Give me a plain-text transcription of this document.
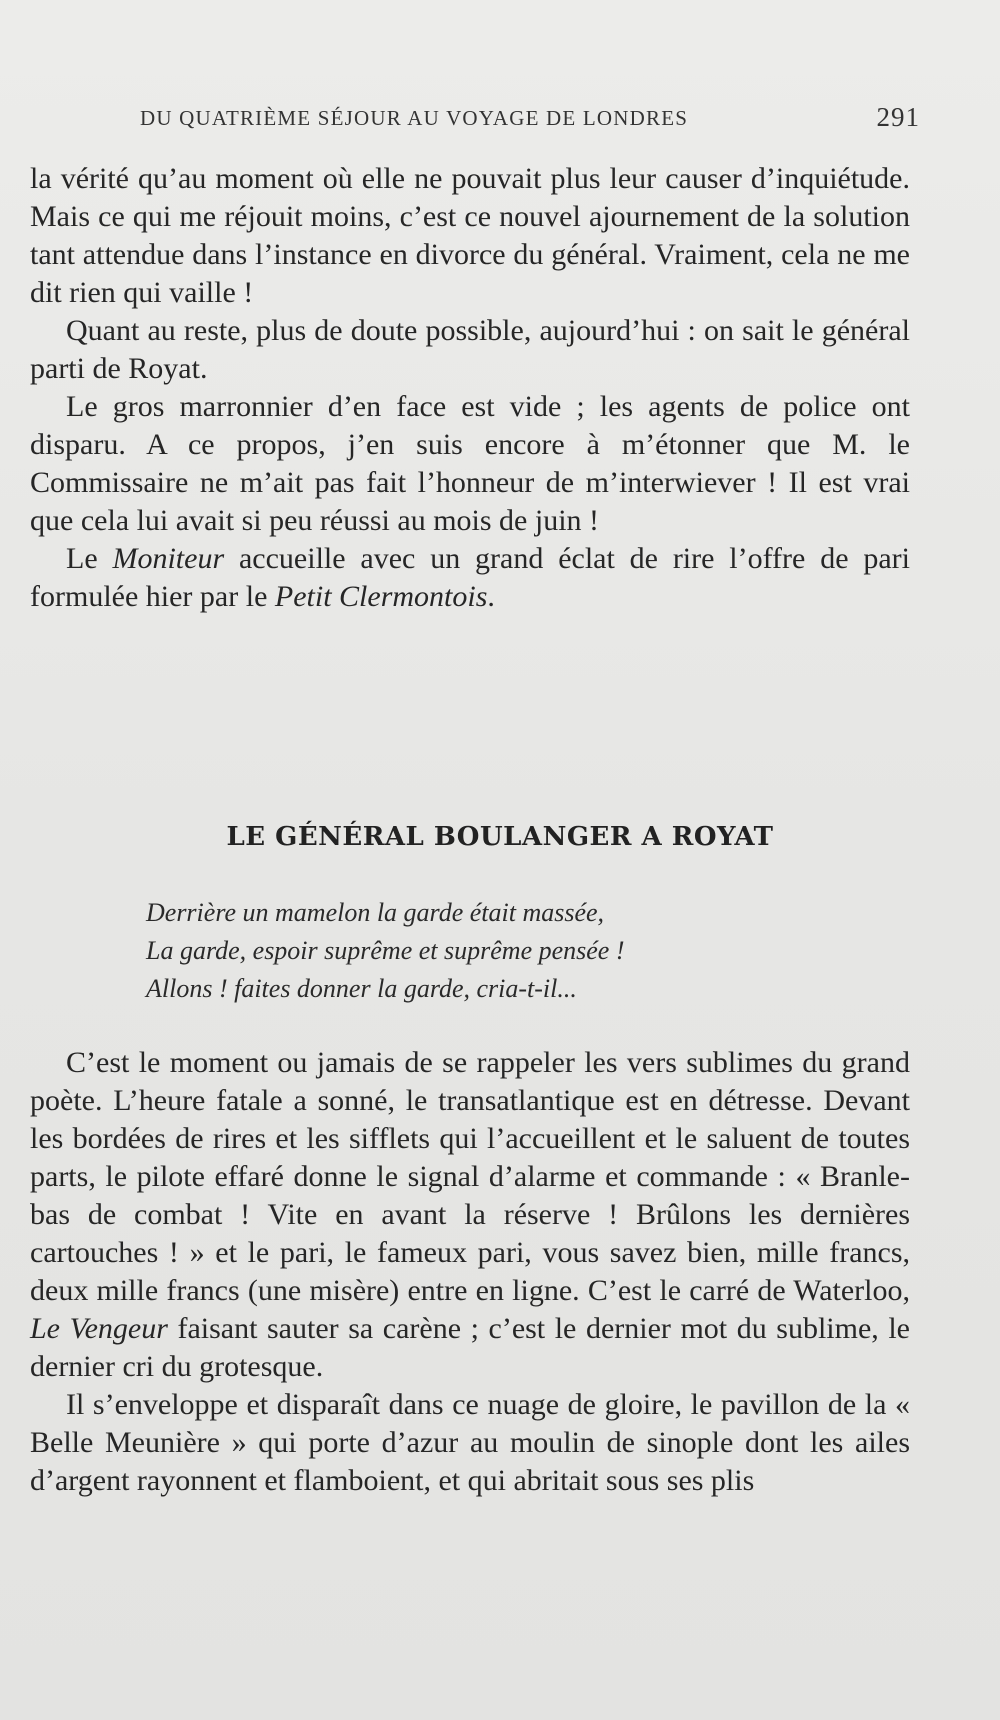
DU QUATRIÈME SÉJOUR AU VOYAGE DE LONDRES	291

la vérité qu’au moment où elle ne pouvait plus leur causer d’inquiétude. Mais ce qui me réjouit moins, c’est ce nouvel ajournement de la solution tant attendue dans l’instance en divorce du général. Vraiment, cela ne me dit rien qui vaille !

Quant au reste, plus de doute possible, aujourd’hui : on sait le général parti de Royat.

Le gros marronnier d’en face est vide ; les agents de police ont disparu. A ce propos, j’en suis encore à m’étonner que M. le Commissaire ne m’ait pas fait l’honneur de m’interwiever ! Il est vrai que cela lui avait si peu réussi au mois de juin !

Le Moniteur accueille avec un grand éclat de rire l’offre de pari formulée hier par le Petit Clermontois.

LE GÉNÉRAL BOULANGER A ROYAT
Derrière un mamelon la garde était massée,
La garde, espoir suprême et suprême pensée !
Allons ! faites donner la garde, cria-t-il...

C’est le moment ou jamais de se rappeler les vers sublimes du grand poète. L’heure fatale a sonné, le transatlantique est en détresse. Devant les bordées de rires et les sifflets qui l’accueillent et le saluent de toutes parts, le pilote effaré donne le signal d’alarme et commande : « Branle-bas de combat ! Vite en avant la réserve ! Brûlons les dernières cartouches ! » et le pari, le fameux pari, vous savez bien, mille francs, deux mille francs (une misère) entre en ligne. C’est le carré de Waterloo, Le Vengeur faisant sauter sa carène ; c’est le dernier mot du sublime, le dernier cri du grotesque.

Il s’enveloppe et disparaît dans ce nuage de gloire, le pavillon de la « Belle Meunière » qui porte d’azur au moulin de sinople dont les ailes d’argent rayonnent et flamboient, et qui abritait sous ses plis
